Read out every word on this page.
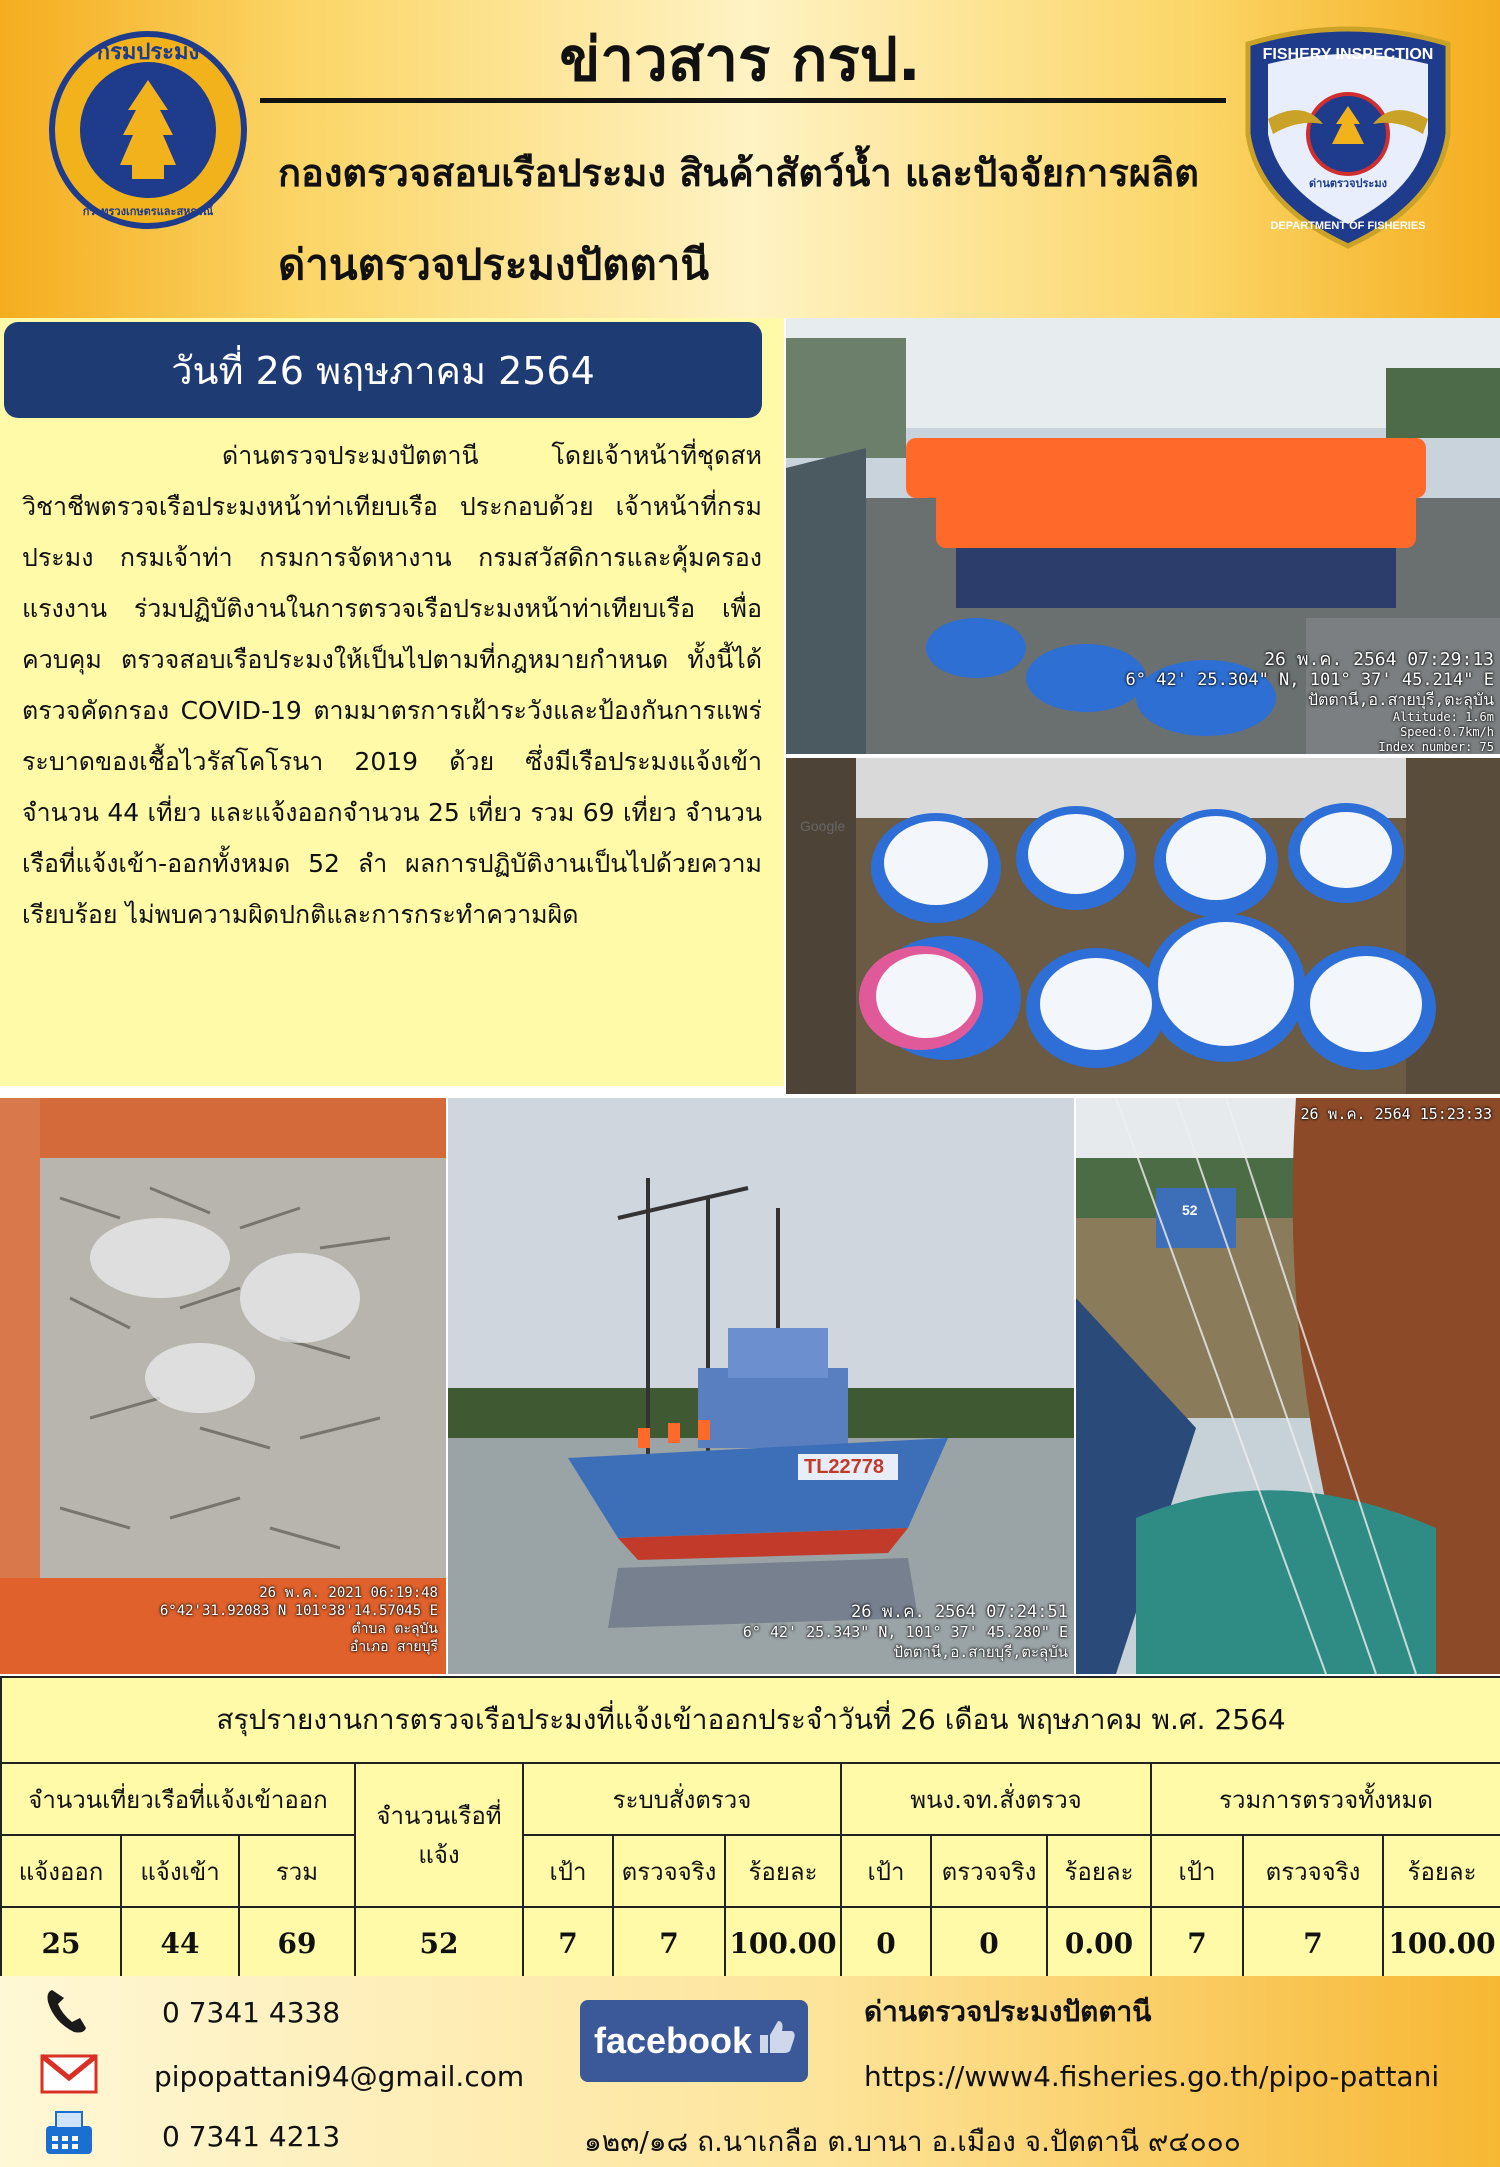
กรมประมง
กระทรวงเกษตรและสหกรณ์
FISHERY INSPECTION
ด่านตรวจประมง
DEPARTMENT OF FISHERIES
ข่าวสาร กรป.
กองตรวจสอบเรือประมง สินค้าสัตว์น้ำ และปัจจัยการผลิต
ด่านตรวจประมงปัตตานี
วันที่ 26 พฤษภาคม 2564
ด่านตรวจประมงปัตตานี โดยเจ้าหน้าที่ชุดสหวิชาชีพตรวจเรือประมงหน้าท่าเทียบเรือ ประกอบด้วย เจ้าหน้าที่กรมประมง กรมเจ้าท่า กรมการจัดหางาน กรมสวัสดิการและคุ้มครองแรงงาน ร่วมปฏิบัติงานในการตรวจเรือประมงหน้าท่าเทียบเรือ เพื่อควบคุม ตรวจสอบเรือประมงให้เป็นไปตามที่กฎหมายกำหนด ทั้งนี้ได้ตรวจคัดกรอง COVID-19 ตามมาตรการเฝ้าระวังและป้องกันการแพร่ระบาดของเชื้อไวรัสโคโรนา 2019 ด้วย ซึ่งมีเรือประมงแจ้งเข้าจำนวน 44 เที่ยว และแจ้งออกจำนวน 25 เที่ยว รวม 69 เที่ยว จำนวนเรือที่แจ้งเข้า-ออกทั้งหมด 52 ลำ ผลการปฏิบัติงานเป็นไปด้วยความเรียบร้อย ไม่พบความผิดปกติและการกระทำความผิด
26 พ.ค. 2564 07:29:13
6° 42' 25.304" N, 101° 37' 45.214" E
ปัตตานี,อ.สายบุรี,ตะลุบัน
Altitude: 1.6m
Speed:0.7km/h
Index number: 75
Google
26 พ.ค. 2021 06:19:48
6°42'31.92083 N 101°38'14.57045 E
ตำบล ตะลุบัน
อำเภอ สายบุรี
TL22778
26 พ.ค. 2564 07:24:51
6° 42' 25.343" N, 101° 37' 45.280" E
ปัตตานี,อ.สายบุรี,ตะลุบัน
52
26 พ.ค. 2564 15:23:33
สรุปรายงานการตรวจเรือประมงที่แจ้งเข้าออกประจำวันที่ 26 เดือน พฤษภาคม พ.ศ. 2564												
จำนวนเที่ยวเรือที่แจ้งเข้าออก			จำนวนเรือที่แจ้ง	ระบบสั่งตรวจ			พนง.จท.สั่งตรวจ			รวมการตรวจทั้งหมด		
แจ้งออก	แจ้งเข้า	รวม		เป้า	ตรวจจริง	ร้อยละ	เป้า	ตรวจจริง	ร้อยละ	เป้า	ตรวจจริง	ร้อยละ
25	44	69	52	7	7	100.00	0	0	0.00	7	7	100.00
0 7341 4338
pipopattani94@gmail.com
0 7341 4213
facebook
ด่านตรวจประมงปัตตานี
https://www4.fisheries.go.th/pipo-pattani
๑๒๓/๑๘ ถ.นาเกลือ ต.บานา อ.เมือง จ.ปัตตานี ๙๔๐๐๐
